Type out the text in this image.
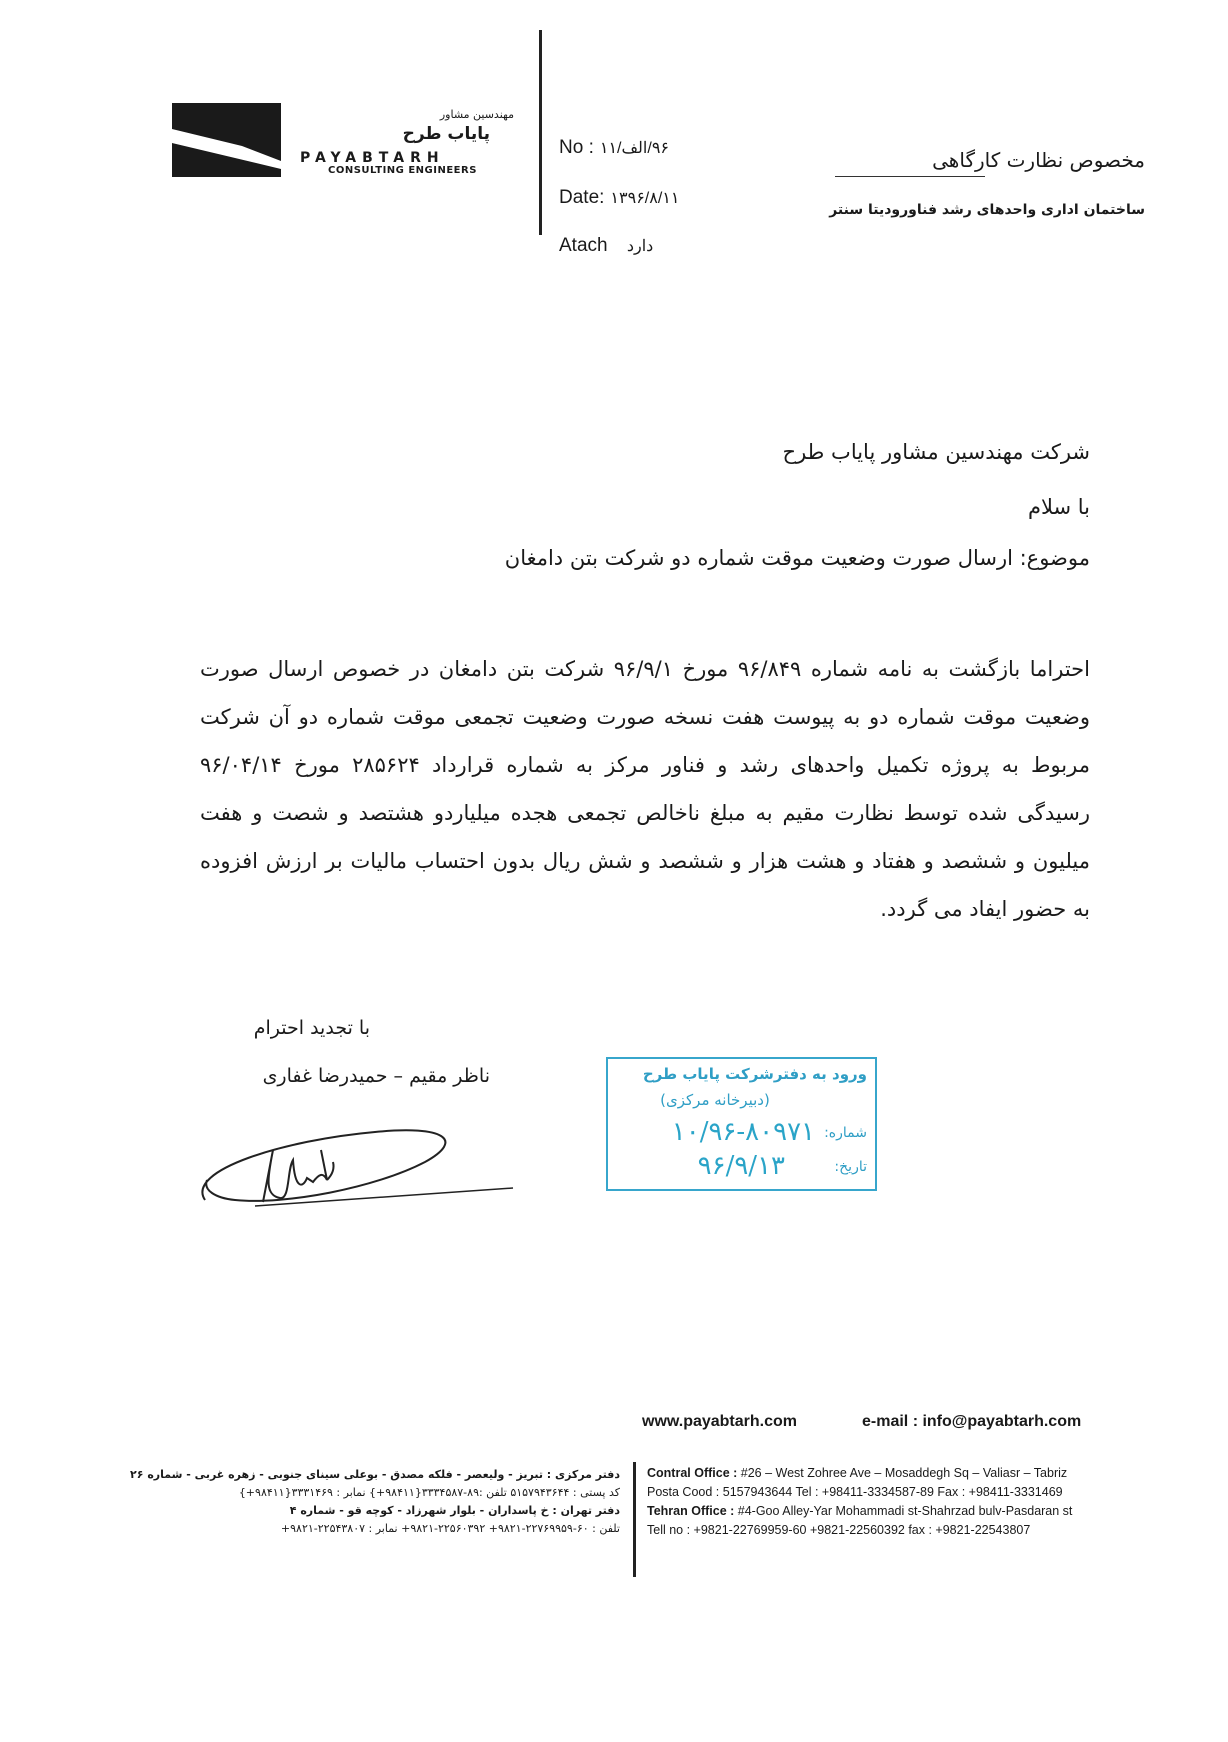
مهندسین مشاور
پایاب طرح
PAYABTARH
CONSULTING ENGINEERS
No : ۹۶/الف/۱۱
Date: ۱۳۹۶/۸/۱۱
Atach دارد
مخصوص نظارت کارگاهی
ساختمان اداری واحدهای رشد فناوروديتا سنتر
شرکت مهندسین مشاور پایاب طرح
با سلام
موضوع: ارسال صورت وضعیت موقت شماره دو شرکت بتن دامغان
احتراما بازگشت به نامه شماره ۹۶/۸۴۹ مورخ ۹۶/۹/۱ شرکت بتن دامغان در خصوص ارسال صورت وضعیت موقت شماره دو به پیوست هفت نسخه صورت وضعیت تجمعی موقت شماره دو آن شرکت مربوط به پروژه تکمیل واحدهای رشد و فناور مرکز به شماره قرارداد ۲۸۵۶۲۴ مورخ ۹۶/۰۴/۱۴ رسیدگی شده توسط نظارت مقیم به مبلغ ناخالص تجمعی هجده میلیاردو هشتصد و شصت و هفت میلیون و ششصد و هفتاد و هشت هزار و ششصد و شش ریال بدون احتساب مالیات بر ارزش افزوده به حضور ایفاد می گردد.
با تجدید احترام
ناظر مقیم – حمیدرضا غفاری	ورود به دفترشرکت پایاب طرح
(دبیرخانه مرکزی)
شماره:
۱۰/۹۶-۸۰۹۷۱
تاریخ:
۹۶/۹/۱۳
www.payabtarh.com	e-mail : info@payabtarh.com
دفتر مرکزی : تبریز - ولیعصر - فلکه مصدق - بوعلی سینای جنوبی - زهره غربی - شماره ۲۶
کد پستی : ۵۱۵۷۹۴۳۶۴۴ تلفن :۸۹-۳۳۳۴۵۸۷{۹۸۴۱۱+} نمابر : ۳۳۳۱۴۶۹{۹۸۴۱۱+}
دفتر تهران : خ پاسداران - بلوار شهرزاد - کوچه قو - شماره ۴
تلفن : ۶۰-۲۲۷۶۹۹۵۹-۹۸۲۱+ ۲۲۵۶۰۳۹۲-۹۸۲۱+ نمابر : ۲۲۵۴۳۸۰۷-۹۸۲۱+
Contral Office : #26 – West Zohree Ave – Mosaddegh Sq – Valiasr – Tabriz
Posta Cood : 5157943644 Tel : +98411-3334587-89 Fax : +98411-3331469
Tehran Office : #4-Goo Alley-Yar Mohammadi st-Shahrzad bulv-Pasdaran st
Tell no : +9821-22769959-60 +9821-22560392 fax : +9821-22543807
